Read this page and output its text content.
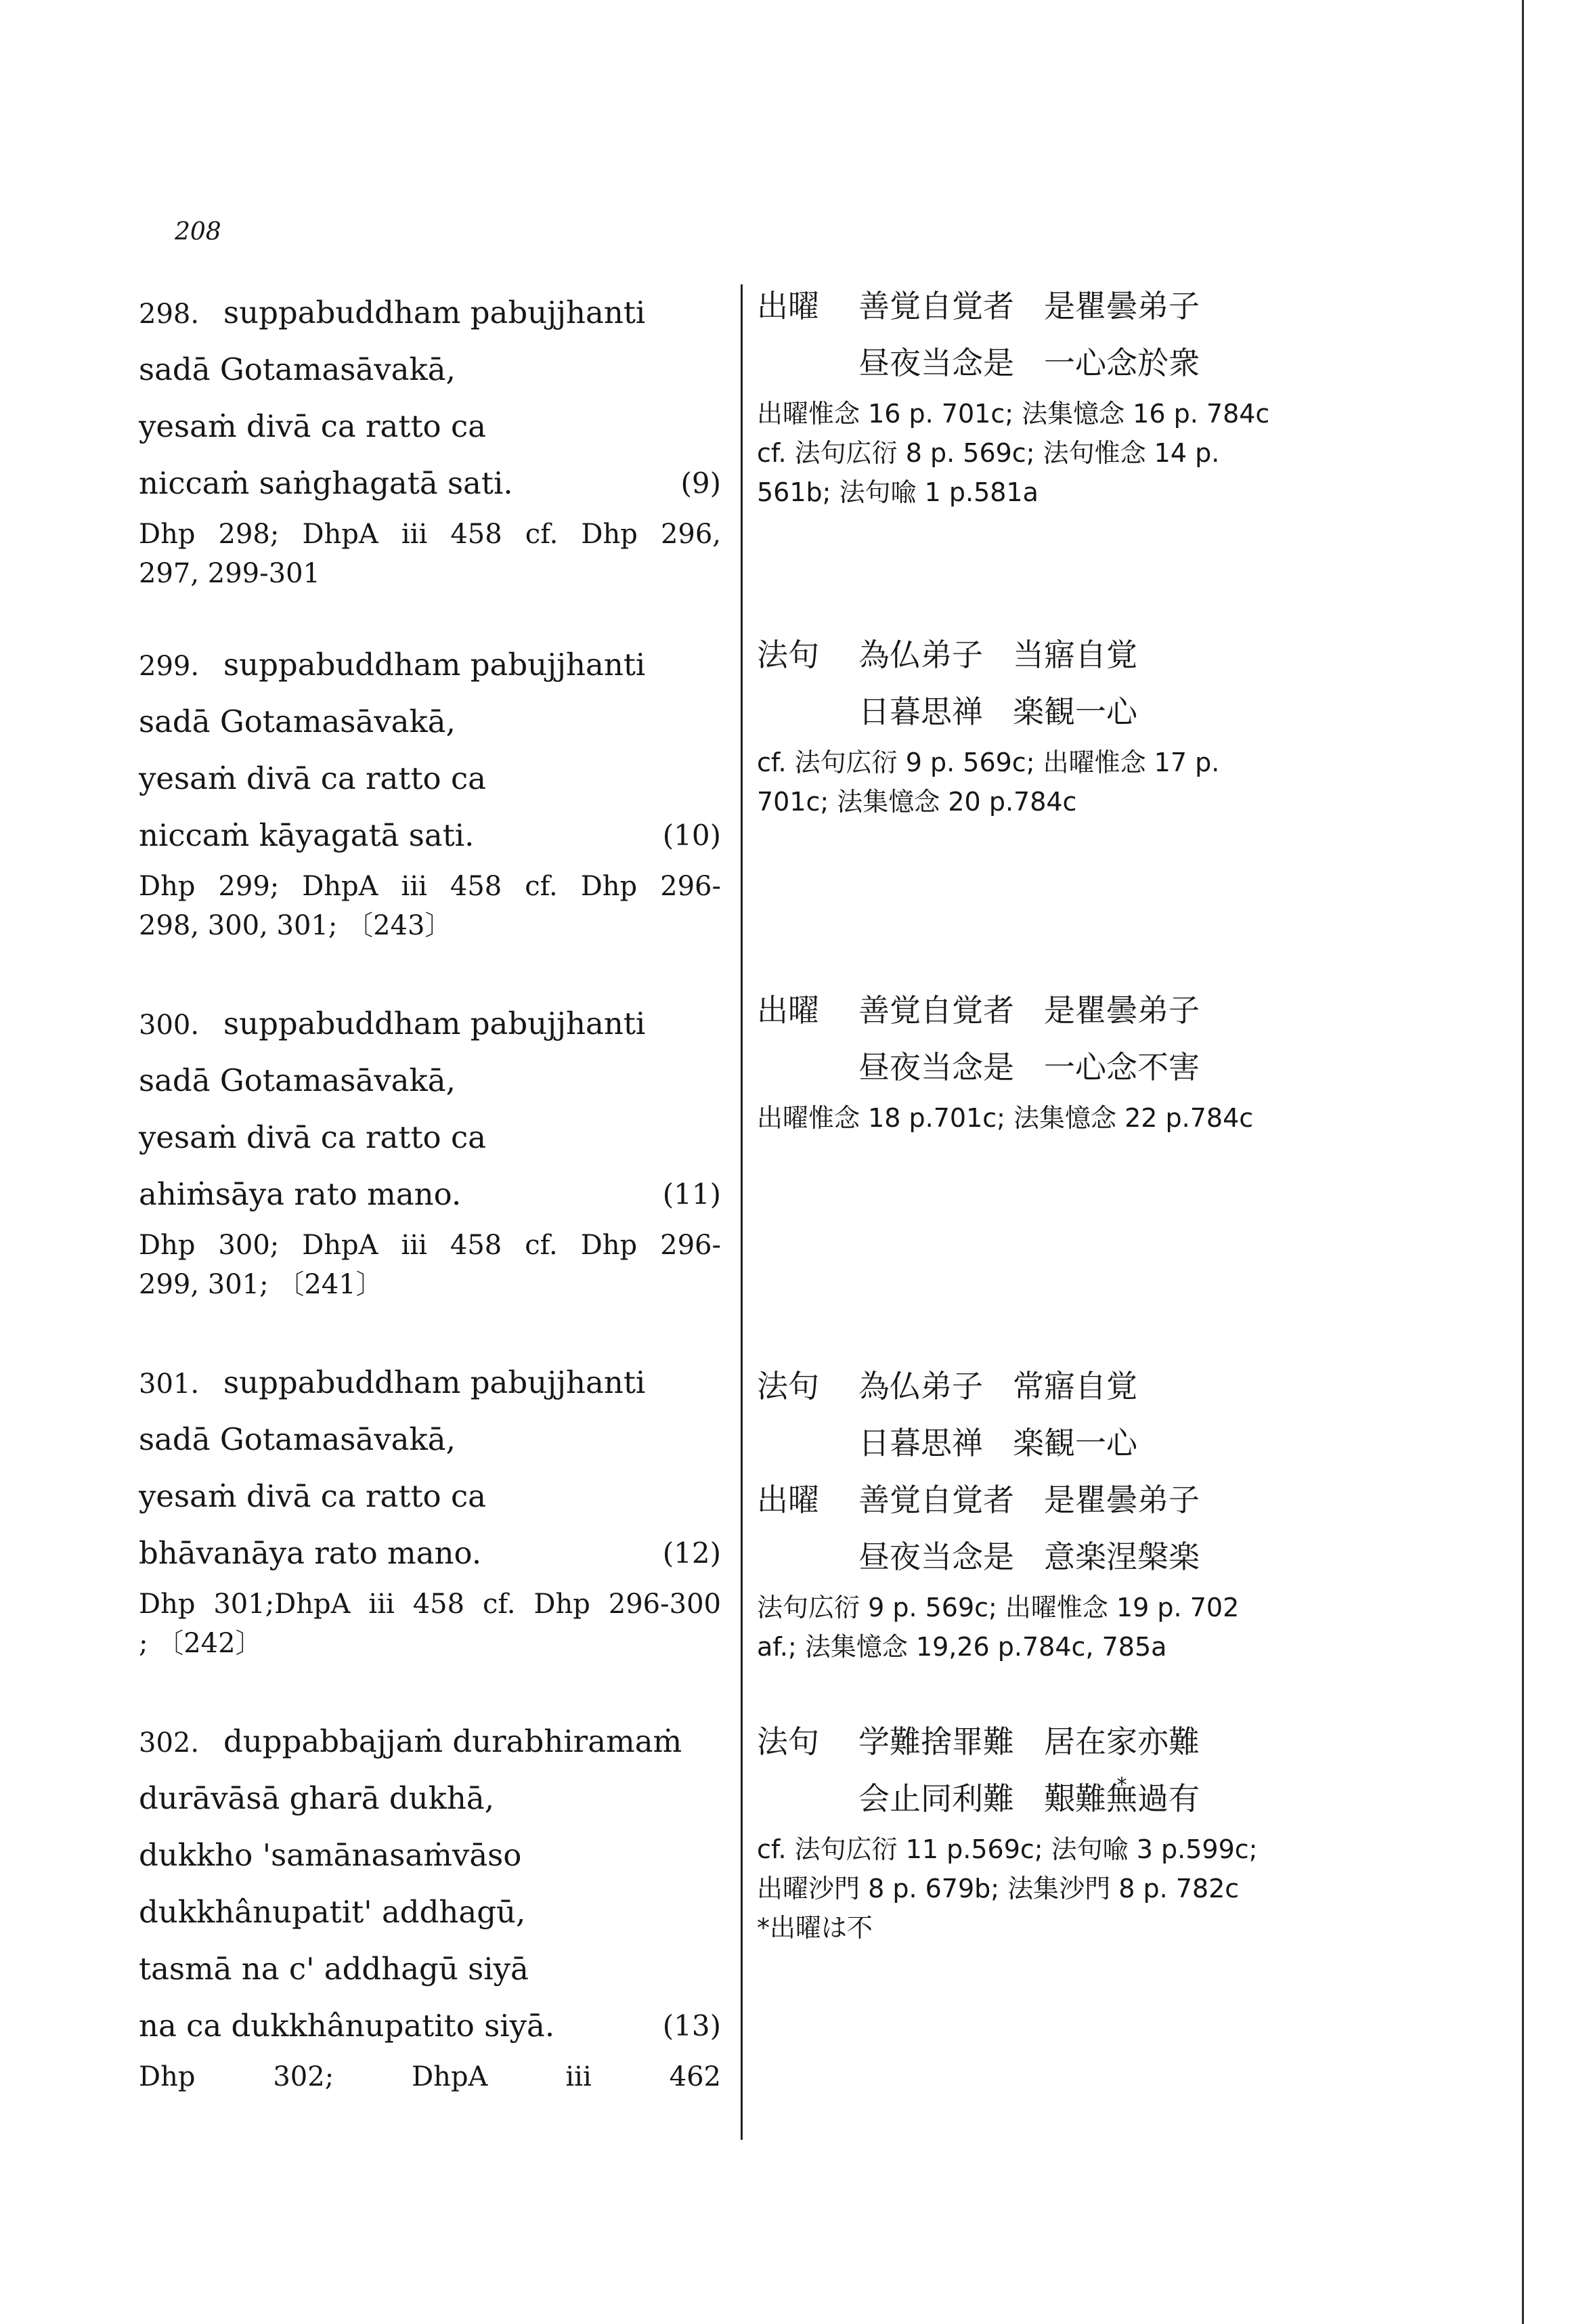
208
298. suppabuddham pabujjhanti
sadā Gotamasāvakā,
yesaṁ divā ca ratto ca
niccaṁ saṅghagatā sati.	(9)
Dhp 298; DhpA iii 458 cf. Dhp 296,
297, 299-301
299. suppabuddham pabujjhanti
sadā Gotamasāvakā,
yesaṁ divā ca ratto ca
niccaṁ kāyagatā sati.	(10)
Dhp 299; DhpA iii 458 cf. Dhp 296-
298, 300, 301; 〔243〕
300. suppabuddham pabujjhanti
sadā Gotamasāvakā,
yesaṁ divā ca ratto ca
ahiṁsāya rato mano.	(11)
Dhp 300; DhpA iii 458 cf. Dhp 296-
299, 301; 〔241〕
301. suppabuddham pabujjhanti
sadā Gotamasāvakā,
yesaṁ divā ca ratto ca
bhāvanāya rato mano.	(12)
Dhp 301;DhpA iii 458 cf. Dhp 296-300
; 〔242〕
302. duppabbajjaṁ durabhiramaṁ
durāvāsā gharā dukhā,
dukkho 'samānasaṁvāso
dukkhânupatit' addhagū,
tasmā na c' addhagū siyā
na ca dukkhânupatito siyā.	(13)
Dhp 302; DhpA iii 462
出曜 善覚自覚者 是瞿曇弟子
昼夜当念是 一心念於衆
出曜惟念 16 p. 701c; 法集憶念 16 p. 784c
cf. 法句広衍 8 p. 569c; 法句惟念 14 p.
561b; 法句喩 1 p.581a
法句 為仏弟子 当寤自覚
日暮思禅 楽観一心
cf. 法句広衍 9 p. 569c; 出曜惟念 17 p.
701c; 法集憶念 20 p.784c
出曜 善覚自覚者 是瞿曇弟子
昼夜当念是 一心念不害
出曜惟念 18 p.701c; 法集憶念 22 p.784c
法句 為仏弟子 常寤自覚
日暮思禅 楽観一心
出曜 善覚自覚者 是瞿曇弟子
昼夜当念是 意楽涅槃楽
法句広衍 9 p. 569c; 出曜惟念 19 p. 702
af.; 法集憶念 19,26 p.784c, 785a
法句 学難捨罪難 居在家亦難
会止同利難 艱難* 無過有
cf. 法句広衍 11 p.569c; 法句喩 3 p.599c;
出曜沙門 8 p. 679b; 法集沙門 8 p. 782c
*出曜は不
